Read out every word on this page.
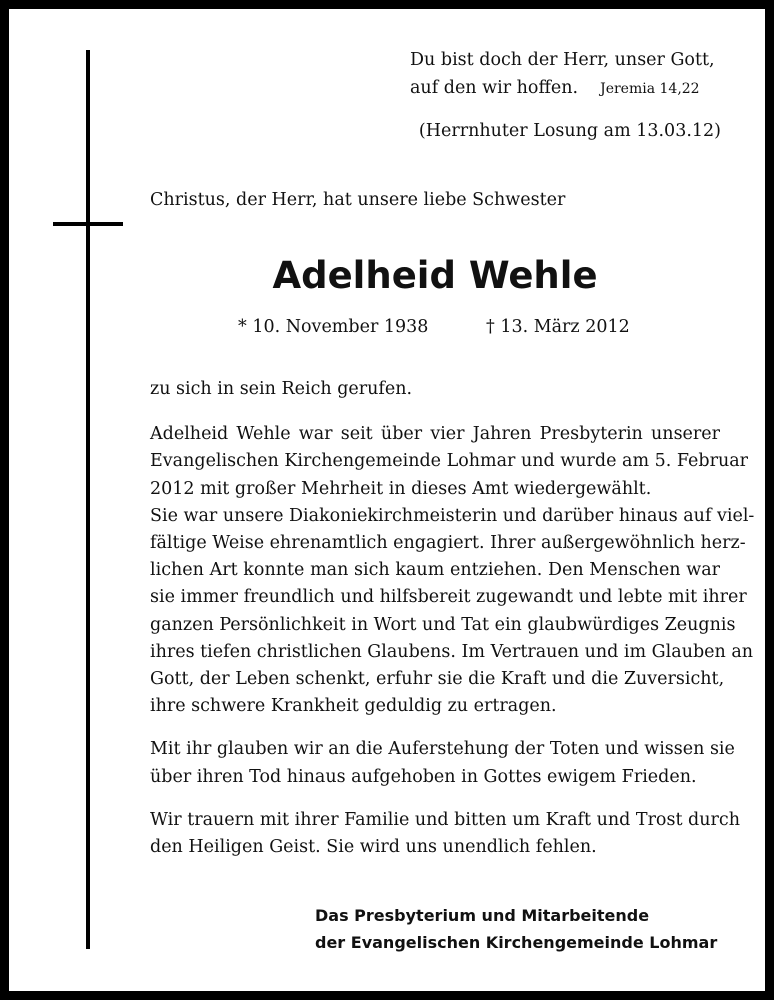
Du bist doch der Herr, unser Gott,
auf den wir hoffen. Jeremia 14,22
(Herrnhuter Losung am 13.03.12)
Christus, der Herr, hat unsere liebe Schwester
Adelheid Wehle
* 10. November 1938	† 13. März 2012

zu sich in sein Reich gerufen.

Adelheid Wehle war seit über vier Jahren Presbyterin unserer
Evangelischen Kirchengemeinde Lohmar und wurde am 5. Februar
2012 mit großer Mehrheit in dieses Amt wiedergewählt.
Sie war unsere Diakoniekirchmeisterin und darüber hinaus auf viel-
fältige Weise ehrenamtlich engagiert. Ihrer außergewöhnlich herz-
lichen Art konnte man sich kaum entziehen. Den Menschen war
sie immer freundlich und hilfsbereit zugewandt und lebte mit ihrer
ganzen Persönlichkeit in Wort und Tat ein glaubwürdiges Zeugnis
ihres tiefen christlichen Glaubens. Im Vertrauen und im Glauben an
Gott, der Leben schenkt, erfuhr sie die Kraft und die Zuversicht,
ihre schwere Krankheit geduldig zu ertragen.

Mit ihr glauben wir an die Auferstehung der Toten und wissen sie
über ihren Tod hinaus aufgehoben in Gottes ewigem Frieden.

Wir trauern mit ihrer Familie und bitten um Kraft und Trost durch
den Heiligen Geist. Sie wird uns unendlich fehlen.

Das Presbyterium und Mitarbeitende
der Evangelischen Kirchengemeinde Lohmar
